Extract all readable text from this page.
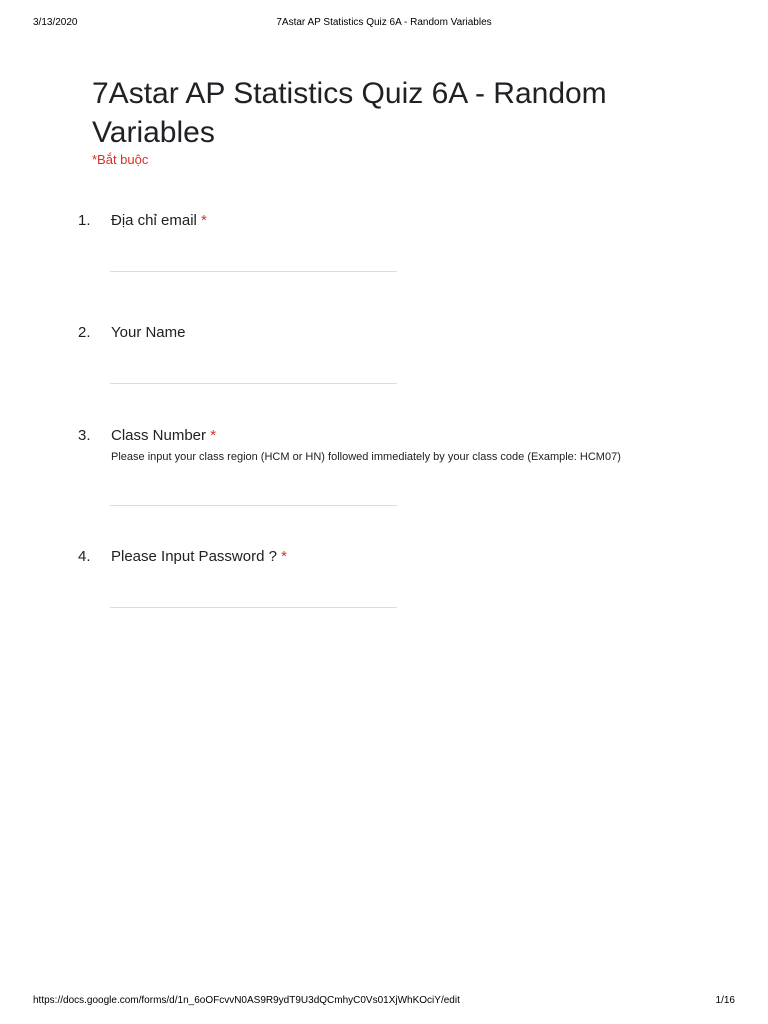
3/13/2020	7Astar AP Statistics Quiz 6A - Random Variables
7Astar AP Statistics Quiz 6A - Random Variables
*Bắt buộc
1. Địa chỉ email *
2. Your Name
3. Class Number *
Please input your class region (HCM or HN) followed immediately by your class code (Example: HCM07)
4. Please Input Password ? *
https://docs.google.com/forms/d/1n_6oOFcvvN0AS9R9ydT9U3dQCmhyC0Vs01XjWhKOciY/edit	1/16
